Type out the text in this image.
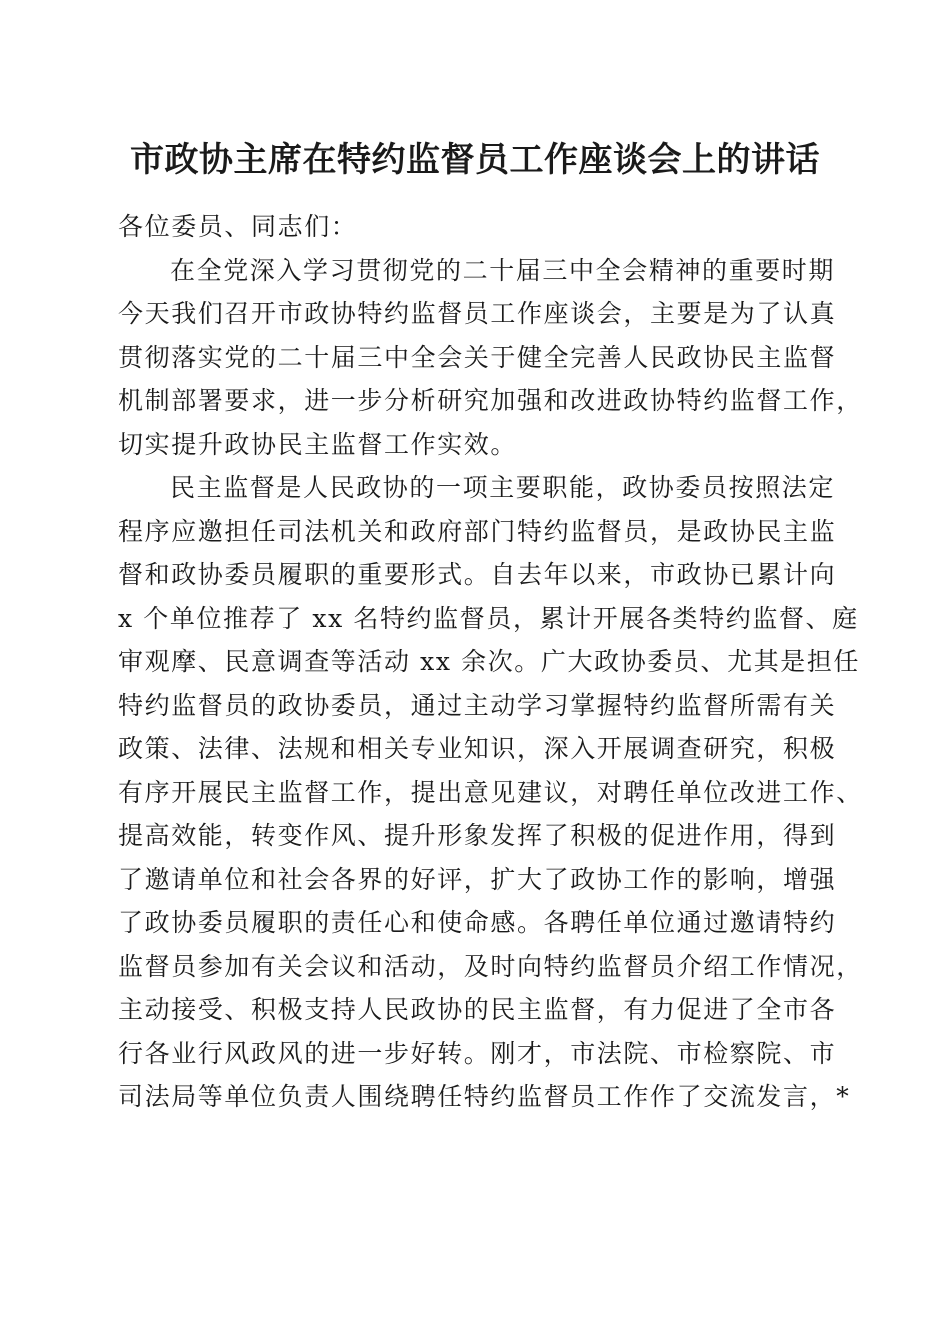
市政协主席在特约监督员工作座谈会上的讲话
各位委员、同志们：
在全党深入学习贯彻党的二十届三中全会精神的重要时期
今天我们召开市政协特约监督员工作座谈会，主要是为了认真
贯彻落实党的二十届三中全会关于健全完善人民政协民主监督
机制部署要求，进一步分析研究加强和改进政协特约监督工作，
切实提升政协民主监督工作实效。
民主监督是人民政协的一项主要职能，政协委员按照法定
程序应邀担任司法机关和政府部门特约监督员，是政协民主监
督和政协委员履职的重要形式。自去年以来，市政协已累计向
x 个单位推荐了 xx 名特约监督员，累计开展各类特约监督、庭
审观摩、民意调查等活动 xx 余次。广大政协委员、尤其是担任
特约监督员的政协委员，通过主动学习掌握特约监督所需有关
政策、法律、法规和相关专业知识，深入开展调查研究，积极
有序开展民主监督工作，提出意见建议，对聘任单位改进工作、
提高效能，转变作风、提升形象发挥了积极的促进作用，得到
了邀请单位和社会各界的好评，扩大了政协工作的影响，增强
了政协委员履职的责任心和使命感。各聘任单位通过邀请特约
监督员参加有关会议和活动，及时向特约监督员介绍工作情况，
主动接受、积极支持人民政协的民主监督，有力促进了全市各
行各业行风政风的进一步好转。刚才，市法院、市检察院、市
司法局等单位负责人围绕聘任特约监督员工作作了交流发言，*
